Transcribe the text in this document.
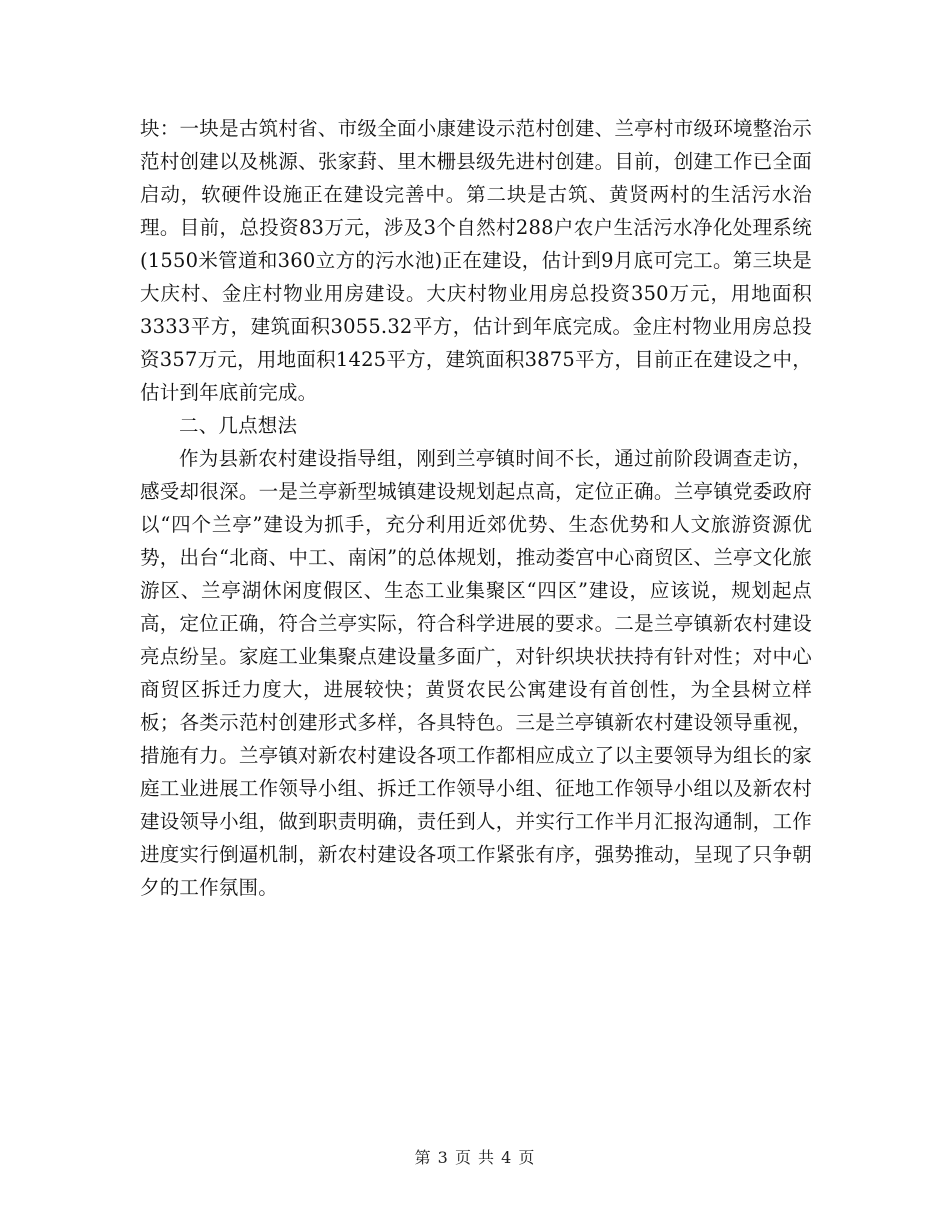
块：一块是古筑村省、市级全面小康建设示范村创建、兰亭村市级环境整治示范村创建以及桃源、张家葑、里木栅县级先进村创建。目前，创建工作已全面启动，软硬件设施正在建设完善中。第二块是古筑、黄贤两村的生活污水治理。目前，总投资83万元，涉及3个自然村288户农户生活污水净化处理系统(1550米管道和360立方的污水池)正在建设，估计到9月底可完工。第三块是大庆村、金庄村物业用房建设。大庆村物业用房总投资350万元，用地面积3333平方，建筑面积3055.32平方，估计到年底完成。金庄村物业用房总投资357万元，用地面积1425平方，建筑面积3875平方，目前正在建设之中，估计到年底前完成。

二、几点想法

作为县新农村建设指导组，刚到兰亭镇时间不长，通过前阶段调查走访，感受却很深。一是兰亭新型城镇建设规划起点高，定位正确。兰亭镇党委政府以“四个兰亭”建设为抓手，充分利用近郊优势、生态优势和人文旅游资源优势，出台“北商、中工、南闲”的总体规划，推动娄宫中心商贸区、兰亭文化旅游区、兰亭湖休闲度假区、生态工业集聚区“四区”建设，应该说，规划起点高，定位正确，符合兰亭实际，符合科学进展的要求。二是兰亭镇新农村建设亮点纷呈。家庭工业集聚点建设量多面广，对针织块状扶持有针对性；对中心商贸区拆迁力度大，进展较快；黄贤农民公寓建设有首创性，为全县树立样板；各类示范村创建形式多样，各具特色。三是兰亭镇新农村建设领导重视，措施有力。兰亭镇对新农村建设各项工作都相应成立了以主要领导为组长的家庭工业进展工作领导小组、拆迁工作领导小组、征地工作领导小组以及新农村建设领导小组，做到职责明确，责任到人，并实行工作半月汇报沟通制，工作进度实行倒逼机制，新农村建设各项工作紧张有序，强势推动，呈现了只争朝夕的工作氛围。

第 3 页 共 4 页
